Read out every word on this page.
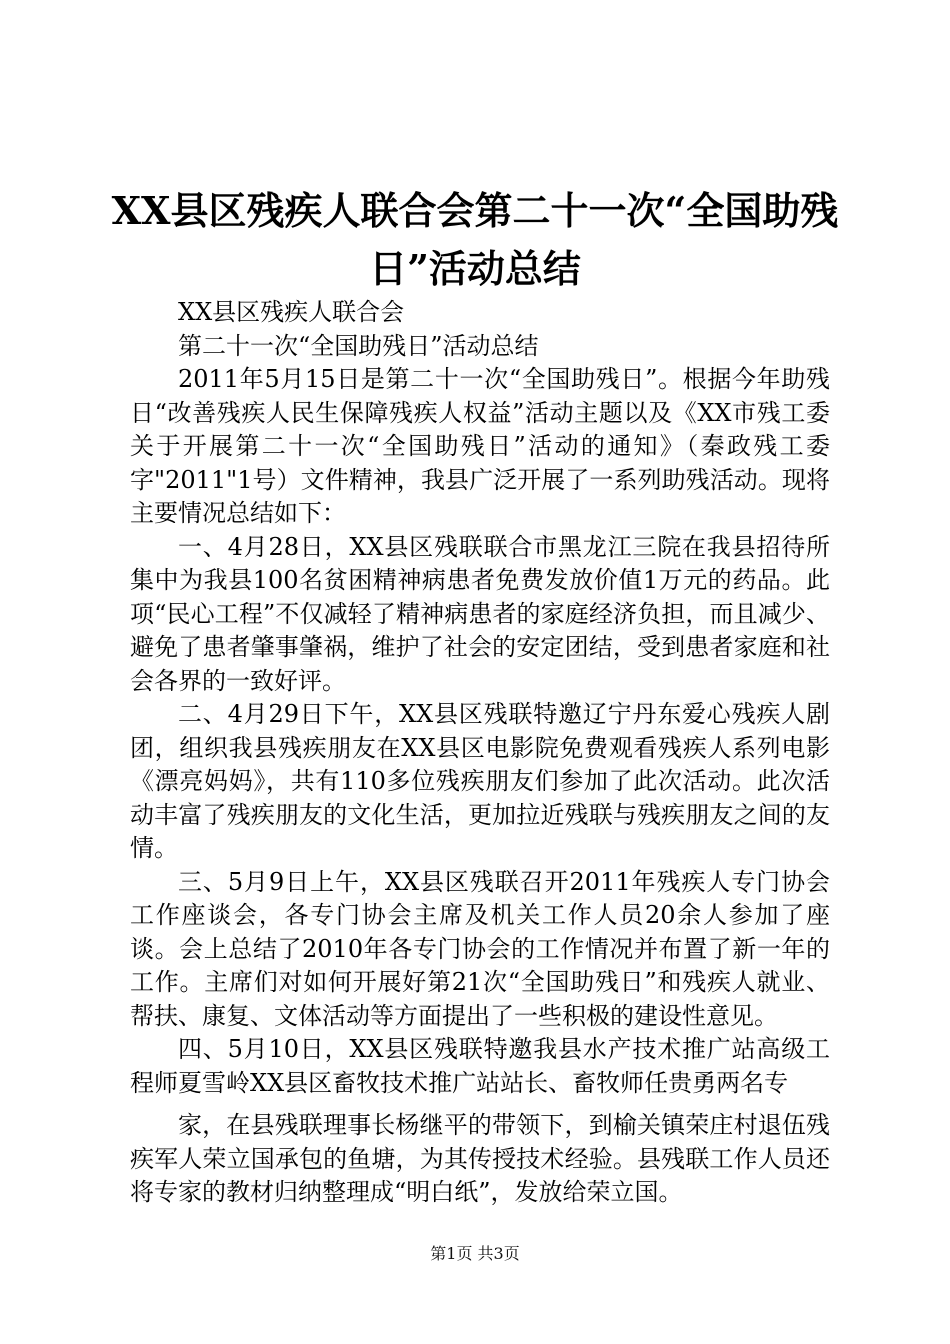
XX县区残疾人联合会第二十一次“全国助残
日”活动总结

XX县区残疾人联合会

第二十一次“全国助残日”活动总结

2011年5月15日是第二十一次“全国助残日”。根据今年助残日“改善残疾人民生保障残疾人权益”活动主题以及《XX市残工委关于开展第二十一次“全国助残日”活动的通知》（秦政残工委字"2011"1号）文件精神，我县广泛开展了一系列助残活动。现将主要情况总结如下：

一、4月28日，XX县区残联联合市黑龙江三院在我县招待所集中为我县100名贫困精神病患者免费发放价值1万元的药品。此项“民心工程”不仅减轻了精神病患者的家庭经济负担，而且减少、避免了患者肇事肇祸，维护了社会的安定团结，受到患者家庭和社会各界的一致好评。

二、4月29日下午，XX县区残联特邀辽宁丹东爱心残疾人剧团，组织我县残疾朋友在XX县区电影院免费观看残疾人系列电影《漂亮妈妈》，共有110多位残疾朋友们参加了此次活动。此次活动丰富了残疾朋友的文化生活，更加拉近残联与残疾朋友之间的友情。

三、5月9日上午，XX县区残联召开2011年残疾人专门协会工作座谈会，各专门协会主席及机关工作人员20余人参加了座谈。会上总结了2010年各专门协会的工作情况并布置了新一年的工作。主席们对如何开展好第21次“全国助残日”和残疾人就业、帮扶、康复、文体活动等方面提出了一些积极的建设性意见。

四、5月10日，XX县区残联特邀我县水产技术推广站高级工程师夏雪岭XX县区畜牧技术推广站站长、畜牧师任贵勇两名专

家，在县残联理事长杨继平的带领下，到榆关镇荣庄村退伍残疾军人荣立国承包的鱼塘，为其传授技术经验。县残联工作人员还将专家的教材归纳整理成“明白纸”，发放给荣立国。

第1页 共3页
